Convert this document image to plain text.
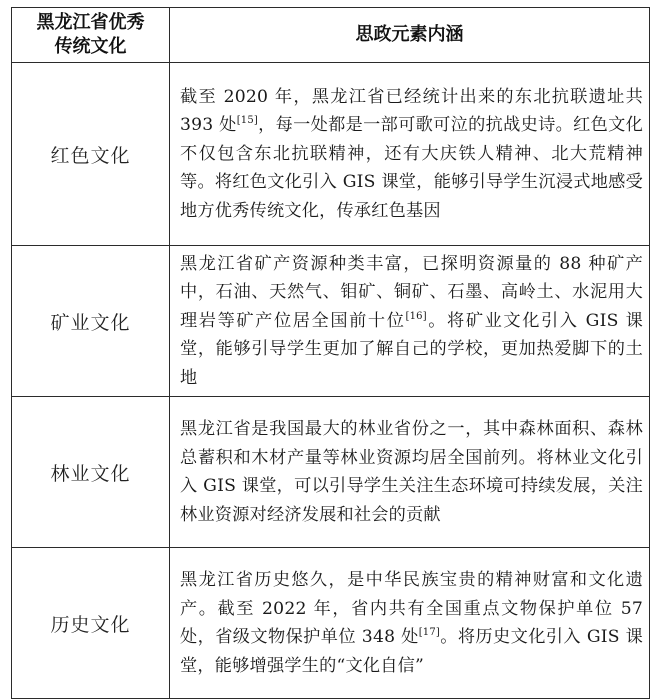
黑龙江省优秀
传统文化	思政元素内涵
红色文化	截至 2020 年，黑龙江省已经统计出来的东北抗联遗址共 393 处[15]，每一处都是一部可歌可泣的抗战史诗。红色文化不仅包含东北抗联精神，还有大庆铁人精神、北大荒精神等。将红色文化引入 GIS 课堂，能够引导学生沉浸式地感受地方优秀传统文化，传承红色基因
矿业文化	黑龙江省矿产资源种类丰富，已探明资源量的 88 种矿产中，石油、天然气、钼矿、铜矿、石墨、高岭土、水泥用大理岩等矿产位居全国前十位[16]。将矿业文化引入 GIS 课堂，能够引导学生更加了解自己的学校，更加热爱脚下的土地
林业文化	黑龙江省是我国最大的林业省份之一，其中森林面积、森林总蓄积和木材产量等林业资源均居全国前列。将林业文化引入 GIS 课堂，可以引导学生关注生态环境可持续发展，关注林业资源对经济发展和社会的贡献
历史文化	黑龙江省历史悠久，是中华民族宝贵的精神财富和文化遗产。截至 2022 年，省内共有全国重点文物保护单位 57 处，省级文物保护单位 348 处[17]。将历史文化引入 GIS 课堂，能够增强学生的“文化自信”
